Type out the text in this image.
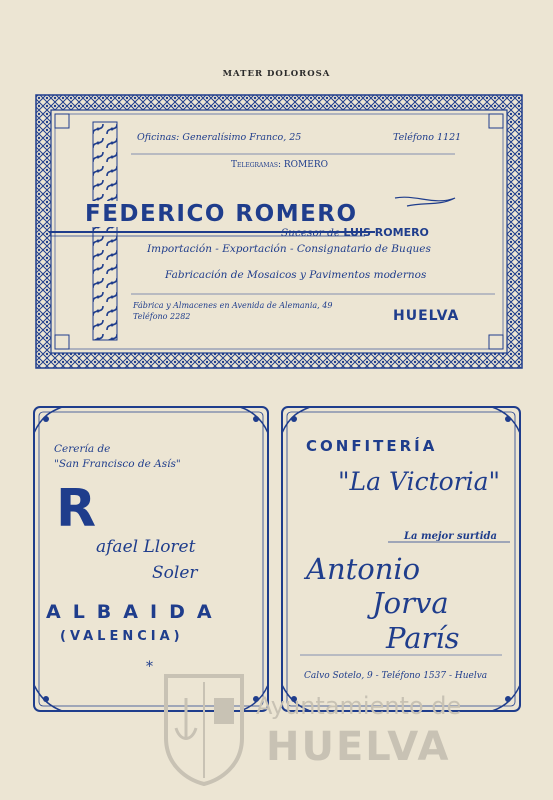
MATER DOLOROSA
Oficinas: Generalísimo Franco, 25	Teléfono 1121
Telegramas: ROMERO
FEDERICO ROMERO
Sucesor de LUIS ROMERO
Importación - Exportación - Consignatario de Buques
Fabricación de Mosaicos y Pavimentos modernos
Fábrica y Almacenes en Avenida de Alemania, 49
Teléfono 2282	HUELVA
Cerería de
"San Francisco de Asís"
R
afael Lloret
Soler
ALBAIDA
(VALENCIA)
*
CONFITERÍA
"La Victoria"
La mejor surtida
Antonio
Jorva
París
Calvo Sotelo, 9 - Teléfono 1537 - Huelva
Ayuntamiento de
HUELVA
